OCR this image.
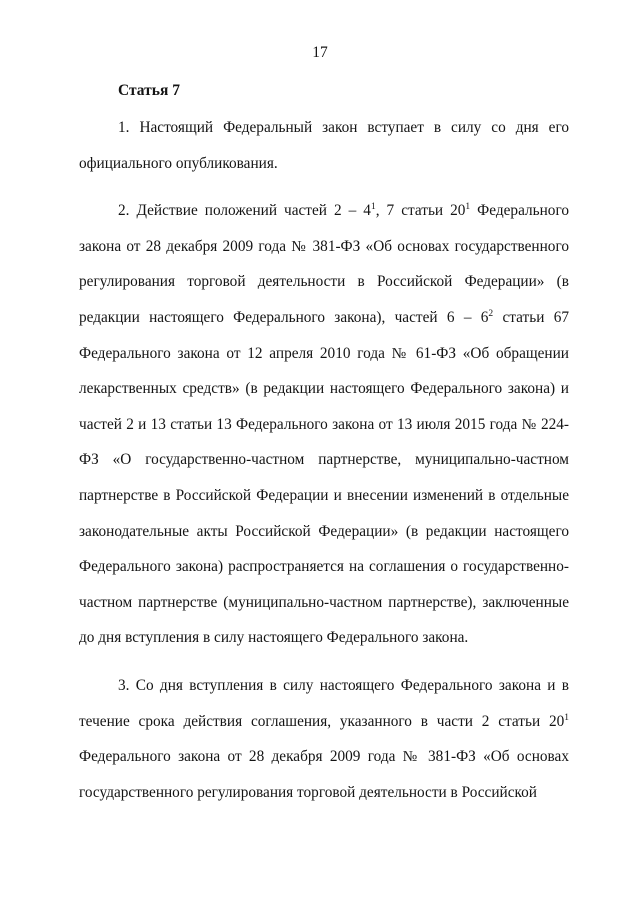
17
Статья 7

1. Настоящий Федеральный закон вступает в силу со дня его официального опубликования.

2. Действие положений частей $2 - 4^1$, 7 статьи $20^1$ Федерального закона от 28 декабря 2009 года № 381-ФЗ «Об основах государственного регулирования торговой деятельности в Российской Федерации» (в редакции настоящего Федерального закона), частей $6 - 6^2$ статьи 67 Федерального закона от 12 апреля 2010 года № 61-ФЗ «Об обращении лекарственных средств» (в редакции настоящего Федерального закона) и частей 2 и 13 статьи 13 Федерального закона от 13 июля 2015 года № 224-ФЗ «О государственно-частном партнерстве, муниципально-частном партнерстве в Российской Федерации и внесении изменений в отдельные законодательные акты Российской Федерации» (в редакции настоящего Федерального закона) распространяется на соглашения о государственно-частном партнерстве (муниципально-частном партнерстве), заключенные до дня вступления в силу настоящего Федерального закона.

3. Со дня вступления в силу настоящего Федерального закона и в течение срока действия соглашения, указанного в части 2 статьи $20^1$ Федерального закона от 28 декабря 2009 года № 381-ФЗ «Об основах государственного регулирования торговой деятельности в Российской
